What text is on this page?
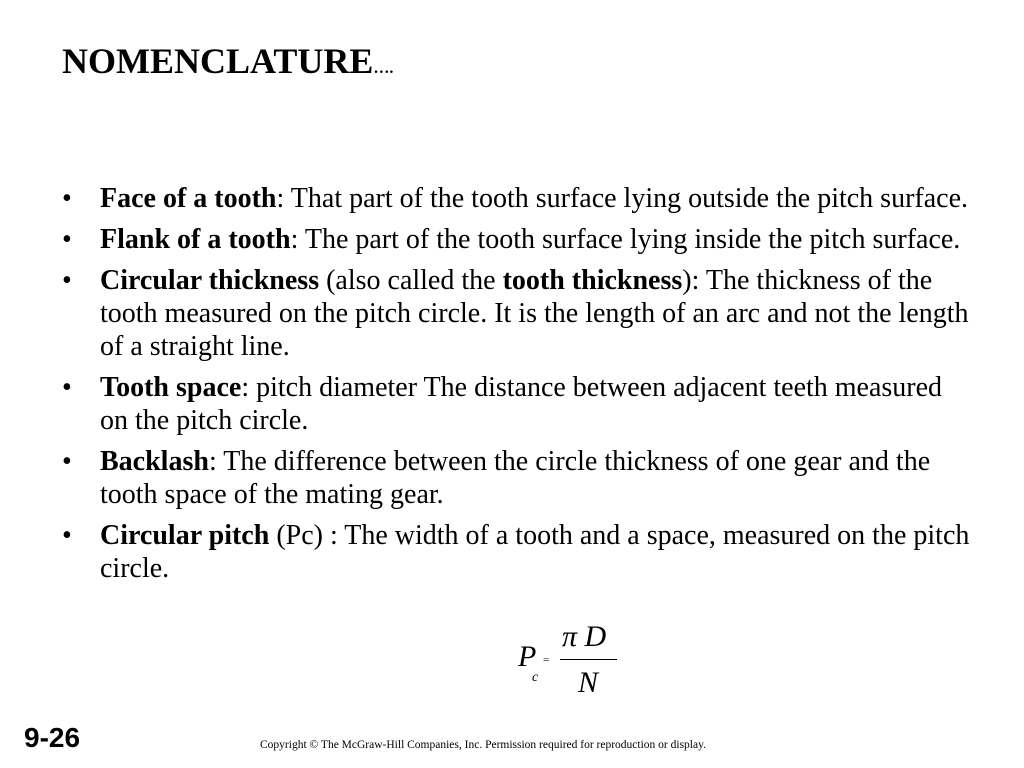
NOMENCLATURE….
• Face of a tooth: That part of the tooth surface lying outside the pitch surface.
• Flank of a tooth: The part of the tooth surface lying inside the pitch surface.
• Circular thickness (also called the tooth thickness): The thickness of the tooth measured on the pitch circle. It is the length of an arc and not the length of a straight line.
• Tooth space: pitch diameter The distance between adjacent teeth measured on the pitch circle.
• Backlash: The difference between the circle thickness of one gear and the tooth space of the mating gear.
• Circular pitch (Pc) : The width of a tooth and a space, measured on the pitch circle.
P
c
=
π D
N
9-26	Copyright © The McGraw-Hill Companies, Inc. Permission required for reproduction or display.
